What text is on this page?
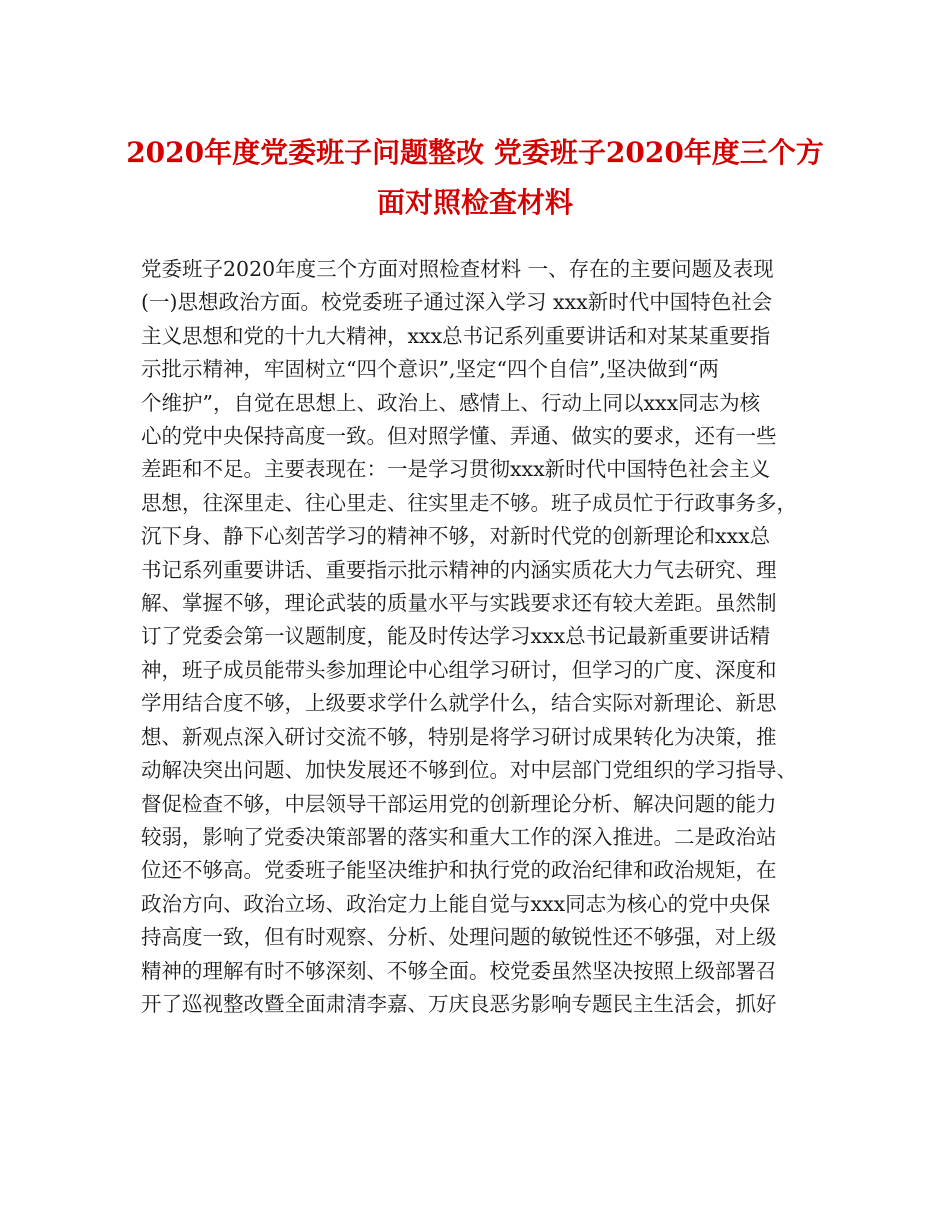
2020年度党委班子问题整改 党委班子2020年度三个方
面对照检查材料
党委班子2020年度三个方面对照检查材料 一、存在的主要问题及表现
(一)思想政治方面。校党委班子通过深入学习 xxx新时代中国特色社会
主义思想和党的十九大精神，xxx总书记系列重要讲话和对某某重要指
示批示精神，牢固树立“四个意识”,坚定“四个自信”,坚决做到“两
个维护”，自觉在思想上、政治上、感情上、行动上同以xxx同志为核
心的党中央保持高度一致。但对照学懂、弄通、做实的要求，还有一些
差距和不足。主要表现在：一是学习贯彻xxx新时代中国特色社会主义
思想，往深里走、往心里走、往实里走不够。班子成员忙于行政事务多，
沉下身、静下心刻苦学习的精神不够，对新时代党的创新理论和xxx总
书记系列重要讲话、重要指示批示精神的内涵实质花大力气去研究、理
解、掌握不够，理论武装的质量水平与实践要求还有较大差距。虽然制
订了党委会第一议题制度，能及时传达学习xxx总书记最新重要讲话精
神，班子成员能带头参加理论中心组学习研讨，但学习的广度、深度和
学用结合度不够，上级要求学什么就学什么，结合实际对新理论、新思
想、新观点深入研讨交流不够，特别是将学习研讨成果转化为决策，推
动解决突出问题、加快发展还不够到位。对中层部门党组织的学习指导、
督促检查不够，中层领导干部运用党的创新理论分析、解决问题的能力
较弱，影响了党委决策部署的落实和重大工作的深入推进。二是政治站
位还不够高。党委班子能坚决维护和执行党的政治纪律和政治规矩，在
政治方向、政治立场、政治定力上能自觉与xxx同志为核心的党中央保
持高度一致，但有时观察、分析、处理问题的敏锐性还不够强，对上级
精神的理解有时不够深刻、不够全面。校党委虽然坚决按照上级部署召
开了巡视整改暨全面肃清李嘉、万庆良恶劣影响专题民主生活会，抓好
